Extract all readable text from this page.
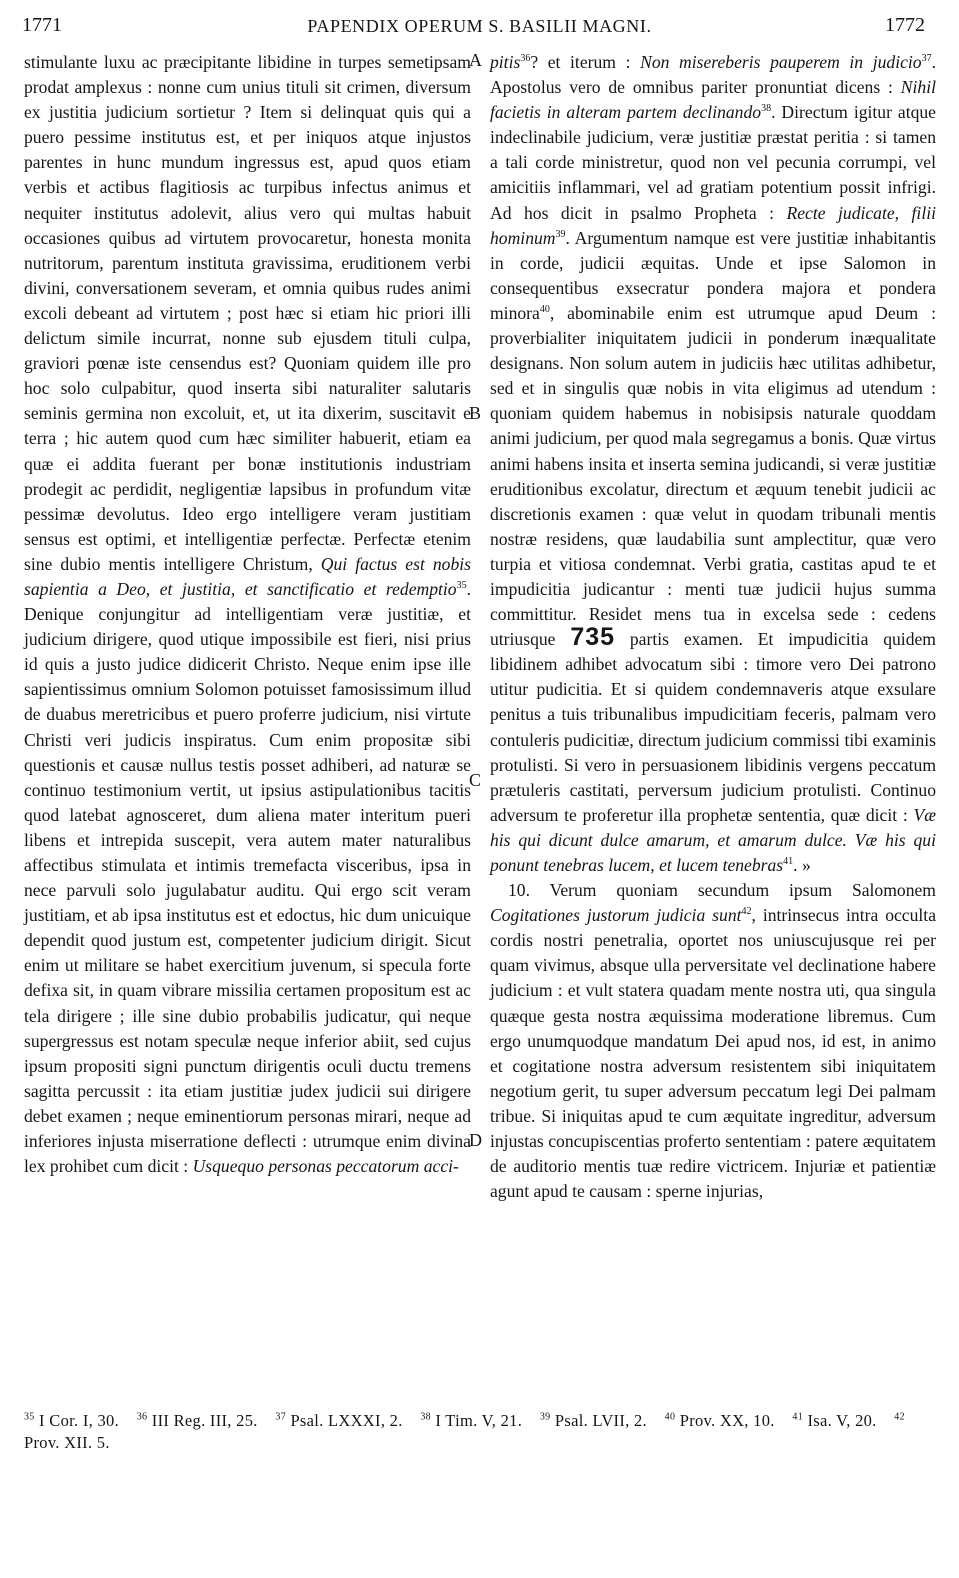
1771	PAPENDIX OPERUM S. BASILII MAGNI.	1772
A
B
C
D

stimulante luxu ac præcipitante libidine in turpes semetipsam prodat amplexus : nonne cum unius tituli sit crimen, diversum ex justitia judicium sortietur ? Item si delinquat quis qui a puero pessime institutus est, et per iniquos atque injustos parentes in hunc mundum ingressus est, apud quos etiam verbis et actibus flagitiosis ac turpibus infectus animus et nequiter institutus adolevit, alius vero qui multas habuit occasiones quibus ad virtutem provocaretur, honesta monita nutritorum, parentum instituta gravissima, eruditionem verbi divini, conversationem severam, et omnia quibus rudes animi excoli debeant ad virtutem ; post hæc si etiam hic priori illi delictum simile incurrat, nonne sub ejusdem tituli culpa, graviori pœnæ iste censendus est? Quoniam quidem ille pro hoc solo culpabitur, quod inserta sibi naturaliter salutaris seminis germina non excoluit, et, ut ita dixerim, suscitavit e terra ; hic autem quod cum hæc similiter habuerit, etiam ea quæ ei addita fuerant per bonæ institutionis industriam prodegit ac perdidit, negligentiæ lapsibus in profundum vitæ pessimæ devolutus. Ideo ergo intelligere veram justitiam sensus est optimi, et intelligentiæ perfectæ. Perfectæ etenim sine dubio mentis intelligere Christum, Qui factus est nobis sapientia a Deo, et justitia, et sanctificatio et redemptio$^{35}$. Denique conjungitur ad intelligentiam veræ justitiæ, et judicium dirigere, quod utique impossibile est fieri, nisi prius id quis a justo judice didicerit Christo. Neque enim ipse ille sapientissimus omnium Solomon potuisset famosissimum illud de duabus meretricibus et puero proferre judicium, nisi virtute Christi veri judicis inspiratus. Cum enim propositæ sibi questionis et causæ nullus testis posset adhiberi, ad naturæ se continuo testimonium vertit, ut ipsius astipulationibus tacitis quod latebat agnosceret, dum aliena mater interitum pueri libens et intrepida suscepit, vera autem mater naturalibus affectibus stimulata et intimis tremefacta visceribus, ipsa in nece parvuli solo jugulabatur auditu. Qui ergo scit veram justitiam, et ab ipsa institutus est et edoctus, hic dum unicuique dependit quod justum est, competenter judicium dirigit. Sicut enim ut militare se habet exercitium juvenum, si specula forte defixa sit, in quam vibrare missilia certamen propositum est ac tela dirigere ; ille sine dubio probabilis judicatur, qui neque supergressus est notam speculæ neque inferior abiit, sed cujus ipsum propositi signi punctum dirigentis oculi ductu tremens sagitta percussit : ita etiam justitiæ judex judicii sui dirigere debet examen ; neque eminentiorum personas mirari, neque ad inferiores injusta miserratione deflecti : utrumque enim divina lex prohibet cum dicit : Usquequo personas peccatorum acci-

pitis$^{36}$? et iterum : Non misereberis pauperem in judicio$^{37}$. Apostolus vero de omnibus pariter pronuntiat dicens : Nihil facietis in alteram partem declinando$^{38}$. Directum igitur atque indeclinabile judicium, veræ justitiæ præstat peritia : si tamen a tali corde ministretur, quod non vel pecunia corrumpi, vel amicitiis inflammari, vel ad gratiam potentium possit infrigi. Ad hos dicit in psalmo Propheta : Recte judicate, filii hominum$^{39}$. Argumentum namque est vere justitiæ inhabitantis in corde, judicii æquitas. Unde et ipse Salomon in consequentibus exsecratur pondera majora et pondera minora$^{40}$, abominabile enim est utrumque apud Deum : proverbialiter iniquitatem judicii in ponderum inæqualitate designans. Non solum autem in judiciis hæc utilitas adhibetur, sed et in singulis quæ nobis in vita eligimus ad utendum : quoniam quidem habemus in nobisipsis naturale quoddam animi judicium, per quod mala segregamus a bonis. Quæ virtus animi habens insita et inserta semina judicandi, si veræ justitiæ eruditionibus excolatur, directum et æquum tenebit judicii ac discretionis examen : quæ velut in quodam tribunali mentis nostræ residens, quæ laudabilia sunt amplectitur, quæ vero turpia et vitiosa condemnat. Verbi gratia, castitas apud te et impudicitia judicantur : menti tuæ judicii hujus summa committitur. Residet mens tua in excelsa sede : cedens utriusque 735 partis examen. Et impudicitia quidem libidinem adhibet advocatum sibi : timore vero Dei patrono utitur pudicitia. Et si quidem condemnaveris atque exsulare penitus a tuis tribunalibus impudicitiam feceris, palmam vero contuleris pudicitiæ, directum judicium commissi tibi examinis protulisti. Si vero in persuasionem libidinis vergens peccatum prætuleris castitati, perversum judicium protulisti. Continuo adversum te proferetur illa prophetæ sententia, quæ dicit : Væ his qui dicunt dulce amarum, et amarum dulce. Væ his qui ponunt tenebras lucem, et lucem tenebras$^{41}$. »

10. Verum quoniam secundum ipsum Salomonem Cogitationes justorum judicia sunt$^{42}$, intrinsecus intra occulta cordis nostri penetralia, oportet nos uniuscujusque rei per quam vivimus, absque ulla perversitate vel declinatione habere judicium : et vult statera quadam mente nostra uti, qua singula quæque gesta nostra æquissima moderatione libremus. Cum ergo unumquodque mandatum Dei apud nos, id est, in animo et cogitatione nostra adversum resistentem sibi iniquitatem negotium gerit, tu super adversum peccatum legi Dei palmam tribue. Si iniquitas apud te cum æquitate ingreditur, adversum injustas concupiscentias proferto sententiam : patere æquitatem de auditorio mentis tuæ redire victricem. Injuriæ et patientiæ agunt apud te causam : sperne injurias,

$^{35}$ I Cor. I, 30. $^{36}$ III Reg. III, 25. $^{37}$ Psal. LXXXI, 2. $^{38}$ I Tim. V, 21. $^{39}$ Psal. LVII, 2. $^{40}$ Prov. XX, 10. $^{41}$ Isa. V, 20. $^{42}$ Prov. XII. 5.
